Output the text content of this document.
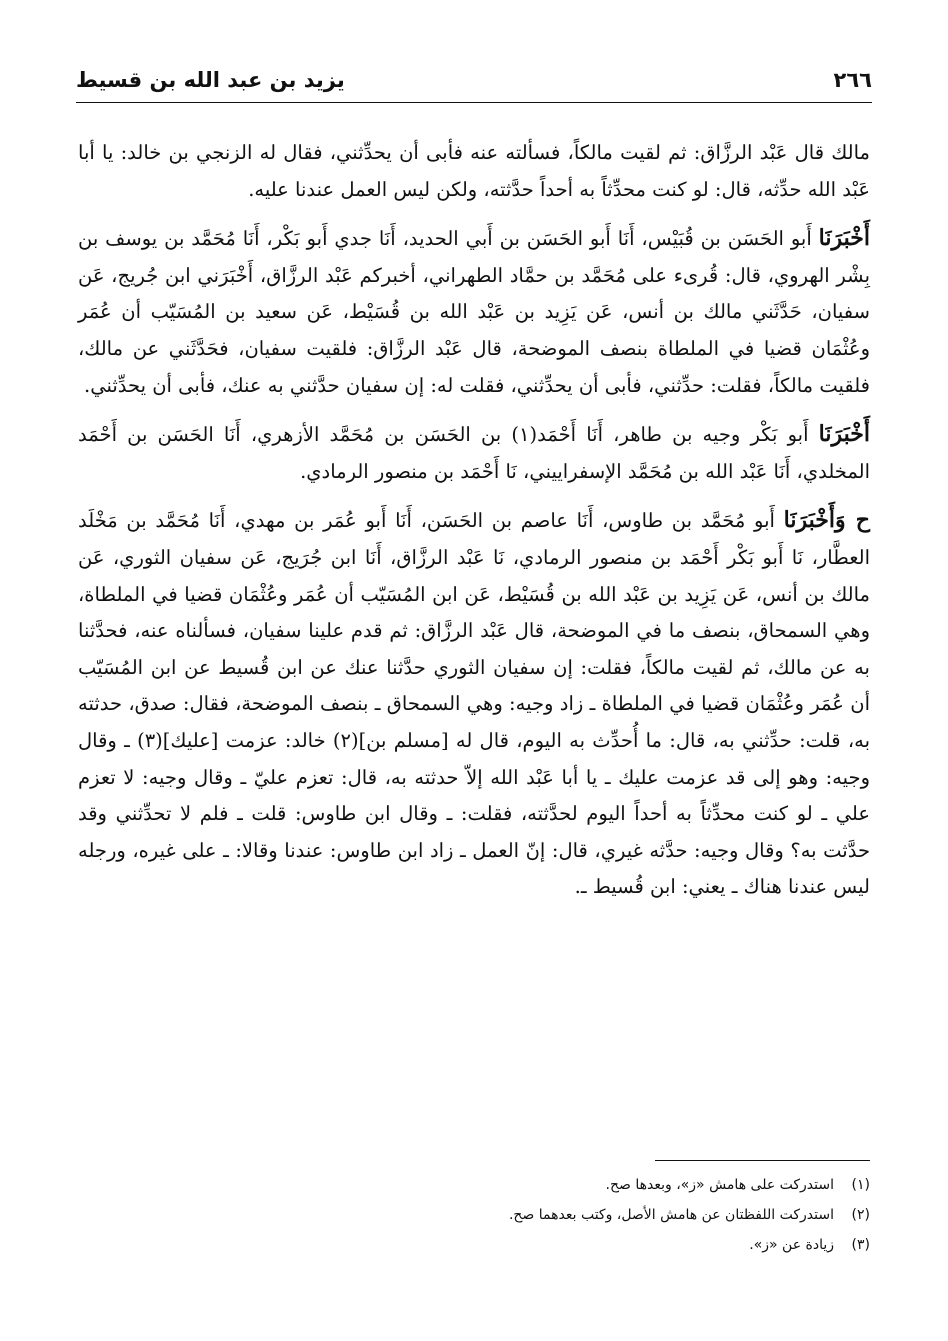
يزيد بن عبد الله بن قسيط	٢٦٦

مالك قال عَبْد الرزَّاق: ثم لقيت مالكاً، فسألته عنه فأبى أن يحدِّثني، فقال له الزنجي بن خالد: يا أبا عَبْد الله حدِّثه، قال: لو كنت محدِّثاً به أحداً حدَّثته، ولكن ليس العمل عندنا عليه.

أَخْبَرَنَا أَبو الحَسَن بن قُبَيْس، أَنَا أَبو الحَسَن بن أَبي الحديد، أَنَا جدي أَبو بَكْر، أَنَا مُحَمَّد بن يوسف بن بِشْر الهروي، قال: قُرىء على مُحَمَّد بن حمَّاد الطهراني، أخبركم عَبْد الرزَّاق، أَخْبَرَني ابن جُريج، عَن سفيان، حَدَّثَني مالك بن أنس، عَن يَزِيد بن عَبْد الله بن قُسَيْط، عَن سعيد بن المُسَيّب أن عُمَر وعُثْمَان قضيا في الملطاة بنصف الموضحة، قال عَبْد الرزَّاق: فلقيت سفيان، فحَدَّثَني عن مالك، فلقيت مالكاً، فقلت: حدِّثني، فأبى أن يحدِّثني، فقلت له: إن سفيان حدَّثني به عنك، فأبى أن يحدِّثني.

أَخْبَرَنَا أَبو بَكْر وجيه بن طاهر، أَنَا أَحْمَد(١) بن الحَسَن بن مُحَمَّد الأزهري، أَنَا الحَسَن بن أَحْمَد المخلدي، أَنَا عَبْد الله بن مُحَمَّد الإسفراييني، نَا أَحْمَد بن منصور الرمادي.

ح وَأَخْبَرَنَا أَبو مُحَمَّد بن طاوس، أَنَا عاصم بن الحَسَن، أَنَا أَبو عُمَر بن مهدي، أَنَا مُحَمَّد بن مَخْلَد العطَّار، نَا أَبو بَكْر أَحْمَد بن منصور الرمادي، نَا عَبْد الرزَّاق، أَنَا ابن جُرَيج، عَن سفيان الثوري، عَن مالك بن أنس، عَن يَزِيد بن عَبْد الله بن قُسَيْط، عَن ابن المُسَيّب أن عُمَر وعُثْمَان قضيا في الملطاة، وهي السمحاق، بنصف ما في الموضحة، قال عَبْد الرزَّاق: ثم قدم علينا سفيان، فسألناه عنه، فحدَّثنا به عن مالك، ثم لقيت مالكاً، فقلت: إن سفيان الثوري حدَّثنا عنك عن ابن قُسيط عن ابن المُسَيّب أن عُمَر وعُثْمَان قضيا في الملطاة ـ زاد وجيه: وهي السمحاق ـ بنصف الموضحة، فقال: صدق، حدثته به، قلت: حدِّثني به، قال: ما أُحدِّث به اليوم، قال له [مسلم بن](٢) خالد: عزمت [عليك](٣) ـ وقال وجيه: وهو إلى قد عزمت عليك ـ يا أبا عَبْد الله إلاّ حدثته به، قال: تعزم عليّ ـ وقال وجيه: لا تعزم علي ـ لو كنت محدِّثاً به أحداً اليوم لحدَّثته، فقلت: ـ وقال ابن طاوس: قلت ـ فلم لا تحدِّثني وقد حدَّثت به؟ وقال وجيه: حدَّثه غيري، قال: إنّ العمل ـ زاد ابن طاوس: عندنا وقالا: ـ على غيره، ورجله ليس عندنا هناك ـ يعني: ابن قُسيط ـ.

(١)
استدركت على هامش «ز»، وبعدها صح.
(٢)
استدركت اللفظتان عن هامش الأصل، وكتب بعدهما صح.
(٣)
زيادة عن «ز».
